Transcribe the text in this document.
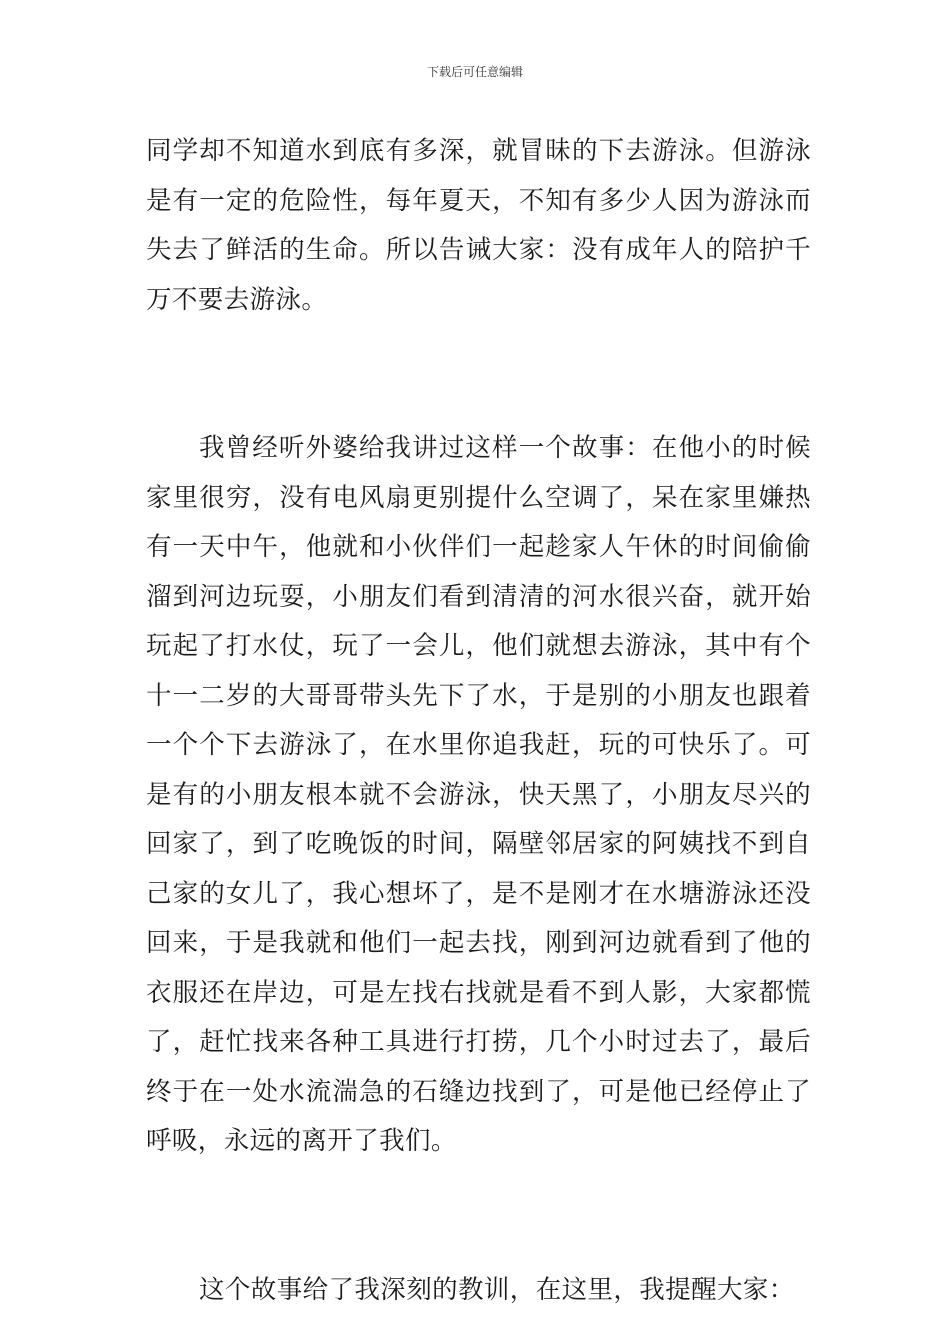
下载后可任意编辑

同学却不知道水到底有多深，就冒昧的下去游泳。但游泳是有一定的危险性，每年夏天，不知有多少人因为游泳而失去了鲜活的生命。所以告诫大家：没有成年人的陪护千万不要去游泳。

我曾经听外婆给我讲过这样一个故事：在他小的时候家里很穷，没有电风扇更别提什么空调了，呆在家里嫌热有一天中午，他就和小伙伴们一起趁家人午休的时间偷偷溜到河边玩耍，小朋友们看到清清的河水很兴奋，就开始玩起了打水仗，玩了一会儿，他们就想去游泳，其中有个十一二岁的大哥哥带头先下了水，于是别的小朋友也跟着一个个下去游泳了，在水里你追我赶，玩的可快乐了。可是有的小朋友根本就不会游泳，快天黑了，小朋友尽兴的回家了，到了吃晚饭的时间，隔壁邻居家的阿姨找不到自己家的女儿了，我心想坏了，是不是刚才在水塘游泳还没回来，于是我就和他们一起去找，刚到河边就看到了他的衣服还在岸边，可是左找右找就是看不到人影，大家都慌了，赶忙找来各种工具进行打捞，几个小时过去了，最后终于在一处水流湍急的石缝边找到了，可是他已经停止了呼吸，永远的离开了我们。

这个故事给了我深刻的教训，在这里，我提醒大家：
